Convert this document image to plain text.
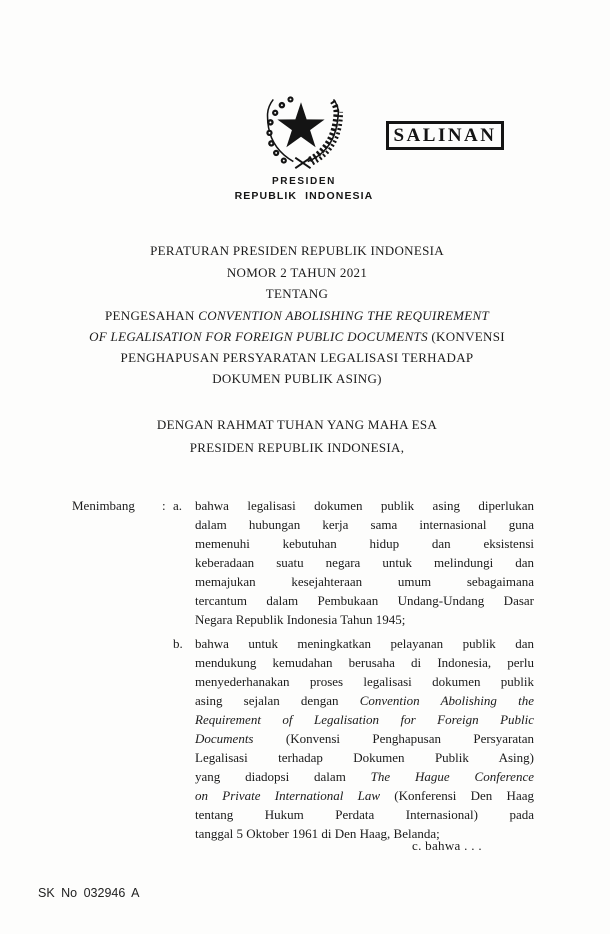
SALINAN
PRESIDEN
REPUBLIK INDONESIA
PERATURAN PRESIDEN REPUBLIK INDONESIA
NOMOR 2 TAHUN 2021
TENTANG
PENGESAHAN CONVENTION ABOLISHING THE REQUIREMENT
OF LEGALISATION FOR FOREIGN PUBLIC DOCUMENTS (KONVENSI
PENGHAPUSAN PERSYARATAN LEGALISASI TERHADAP
DOKUMEN PUBLIK ASING)
DENGAN RAHMAT TUHAN YANG MAHA ESA
PRESIDEN REPUBLIK INDONESIA,
Menimbang : a. bahwa legalisasi dokumen publik asing diperlukan
dalam hubungan kerja sama internasional guna
memenuhi kebutuhan hidup dan eksistensi
keberadaan suatu negara untuk melindungi dan
memajukan kesejahteraan umum sebagaimana
tercantum dalam Pembukaan Undang-Undang Dasar
Negara Republik Indonesia Tahun 1945;
b. bahwa untuk meningkatkan pelayanan publik dan
mendukung kemudahan berusaha di Indonesia, perlu
menyederhanakan proses legalisasi dokumen publik
asing sejalan dengan Convention Abolishing the
Requirement of Legalisation for Foreign Public
Documents (Konvensi Penghapusan Persyaratan
Legalisasi terhadap Dokumen Publik Asing)
yang diadopsi dalam The Hague Conference
on Private International Law (Konferensi Den Haag
tentang Hukum Perdata Internasional) pada
tanggal 5 Oktober 1961 di Den Haag, Belanda;
c. bahwa . . .
SK No 032946 A
